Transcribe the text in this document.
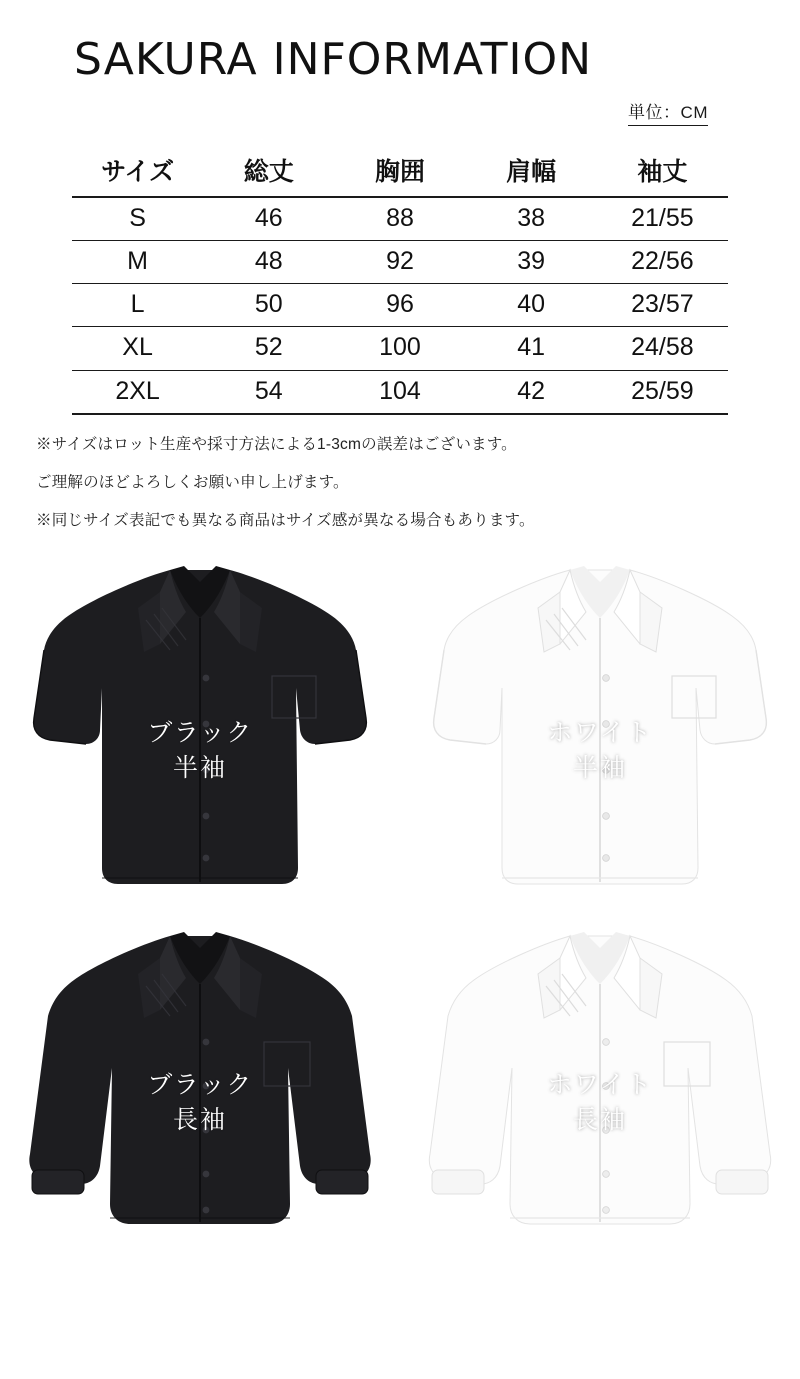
SAKURA INFORMATION
単位：CM
サイズ	総丈	胸囲	肩幅	袖丈
S	46	88	38	21/55
M	48	92	39	22/56
L	50	96	40	23/57
XL	52	100	41	24/58
2XL	54	104	42	25/59

※サイズはロット生産や採寸方法による1-3cmの誤差はございます。

ご理解のほどよろしくお願い申し上げます。

※同じサイズ表記でも異なる商品はサイズ感が異なる場合もあります。

ブラック
半袖
ホワイト
半袖
ブラック
長袖
ホワイト
長袖
